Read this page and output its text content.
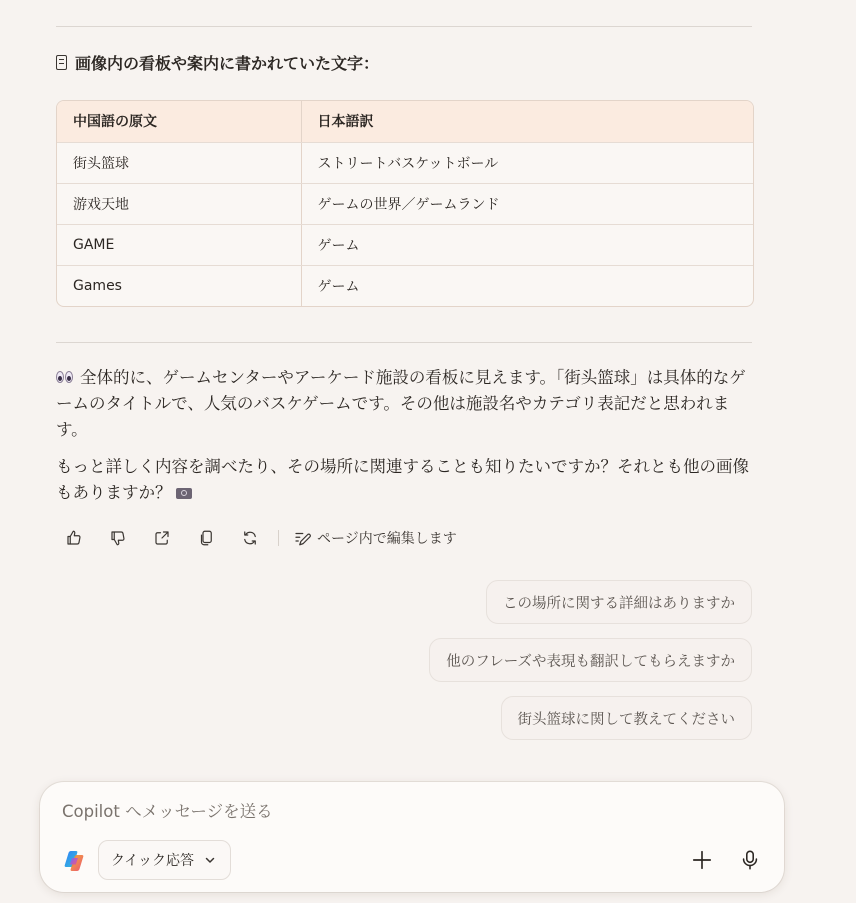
画像内の看板や案内に書かれていた文字：
中国語の原文	日本語訳
街头篮球	ストリートバスケットボール
游戏天地	ゲームの世界／ゲームランド
GAME	ゲーム
Games	ゲーム
全体的に、ゲームセンターやアーケード施設の看板に見えます。「街头篮球」は具体的なゲームのタイトルで、人気のバスケゲームです。その他は施設名やカテゴリ表記だと思われます。
もっと詳しく内容を調べたり、その場所に関連することも知りたいですか？それとも他の画像もありますか？
ページ内で編集します
この場所に関する詳細はありますか
他のフレーズや表現も翻訳してもらえますか
街头篮球に関して教えてください
Copilot へメッセージを送る
クイック応答
